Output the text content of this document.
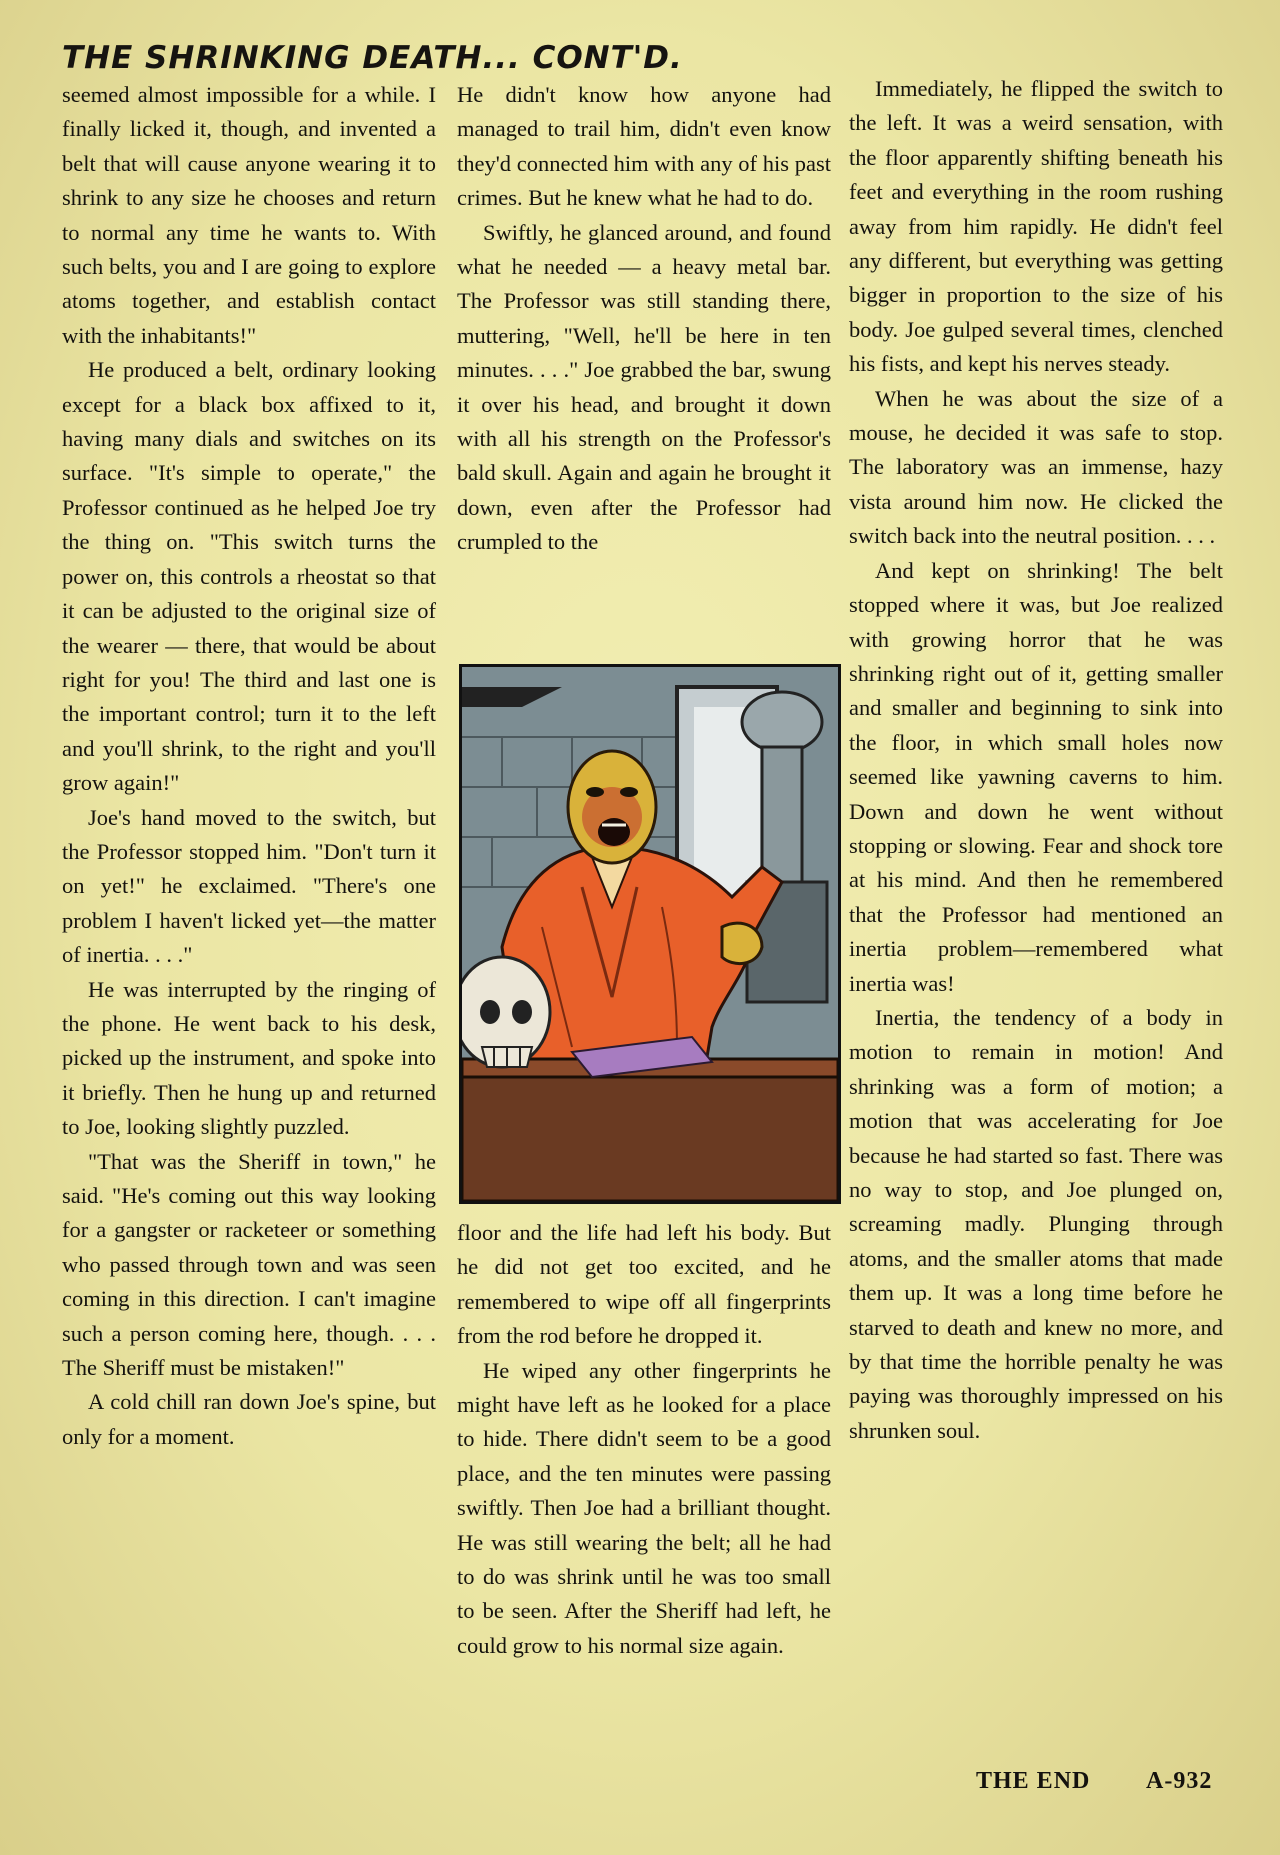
THE SHRINKING DEATH... CONT'D.

seemed almost impossible for a while. I finally licked it, though, and invented a belt that will cause anyone wearing it to shrink to any size he chooses and return to normal any time he wants to. With such belts, you and I are going to explore atoms together, and establish contact with the inhabitants!"

He produced a belt, ordinary looking except for a black box affixed to it, having many dials and switches on its surface. "It's simple to operate," the Professor continued as he helped Joe try the thing on. "This switch turns the power on, this controls a rheostat so that it can be adjusted to the original size of the wearer — there, that would be about right for you! The third and last one is the important control; turn it to the left and you'll shrink, to the right and you'll grow again!"

Joe's hand moved to the switch, but the Professor stopped him. "Don't turn it on yet!" he exclaimed. "There's one problem I haven't licked yet—the matter of inertia. . . ."

He was interrupted by the ringing of the phone. He went back to his desk, picked up the instrument, and spoke into it briefly. Then he hung up and returned to Joe, looking slightly puzzled.

"That was the Sheriff in town," he said. "He's coming out this way looking for a gangster or racketeer or something who passed through town and was seen coming in this direction. I can't imagine such a person coming here, though. . . . The Sheriff must be mistaken!"

A cold chill ran down Joe's spine, but only for a moment.

He didn't know how anyone had managed to trail him, didn't even know they'd connected him with any of his past crimes. But he knew what he had to do.

Swiftly, he glanced around, and found what he needed — a heavy metal bar. The Professor was still standing there, muttering, "Well, he'll be here in ten minutes. . . ." Joe grabbed the bar, swung it over his head, and brought it down with all his strength on the Professor's bald skull. Again and again he brought it down, even after the Professor had crumpled to the

floor and the life had left his body. But he did not get too excited, and he remembered to wipe off all fingerprints from the rod before he dropped it.

He wiped any other fingerprints he might have left as he looked for a place to hide. There didn't seem to be a good place, and the ten minutes were passing swiftly. Then Joe had a brilliant thought. He was still wearing the belt; all he had to do was shrink until he was too small to be seen. After the Sheriff had left, he could grow to his normal size again.

Immediately, he flipped the switch to the left. It was a weird sensation, with the floor apparently shifting beneath his feet and everything in the room rushing away from him rapidly. He didn't feel any different, but everything was getting bigger in proportion to the size of his body. Joe gulped several times, clenched his fists, and kept his nerves steady.

When he was about the size of a mouse, he decided it was safe to stop. The laboratory was an immense, hazy vista around him now. He clicked the switch back into the neutral position. . . .

And kept on shrinking! The belt stopped where it was, but Joe realized with growing horror that he was shrinking right out of it, getting smaller and smaller and beginning to sink into the floor, in which small holes now seemed like yawning caverns to him. Down and down he went without stopping or slowing. Fear and shock tore at his mind. And then he remembered that the Professor had mentioned an inertia problem—remembered what inertia was!

Inertia, the tendency of a body in motion to remain in motion! And shrinking was a form of motion; a motion that was accelerating for Joe because he had started so fast. There was no way to stop, and Joe plunged on, screaming madly. Plunging through atoms, and the smaller atoms that made them up. It was a long time before he starved to death and knew no more, and by that time the horrible penalty he was paying was thoroughly impressed on his shrunken soul.

THE END A-932
